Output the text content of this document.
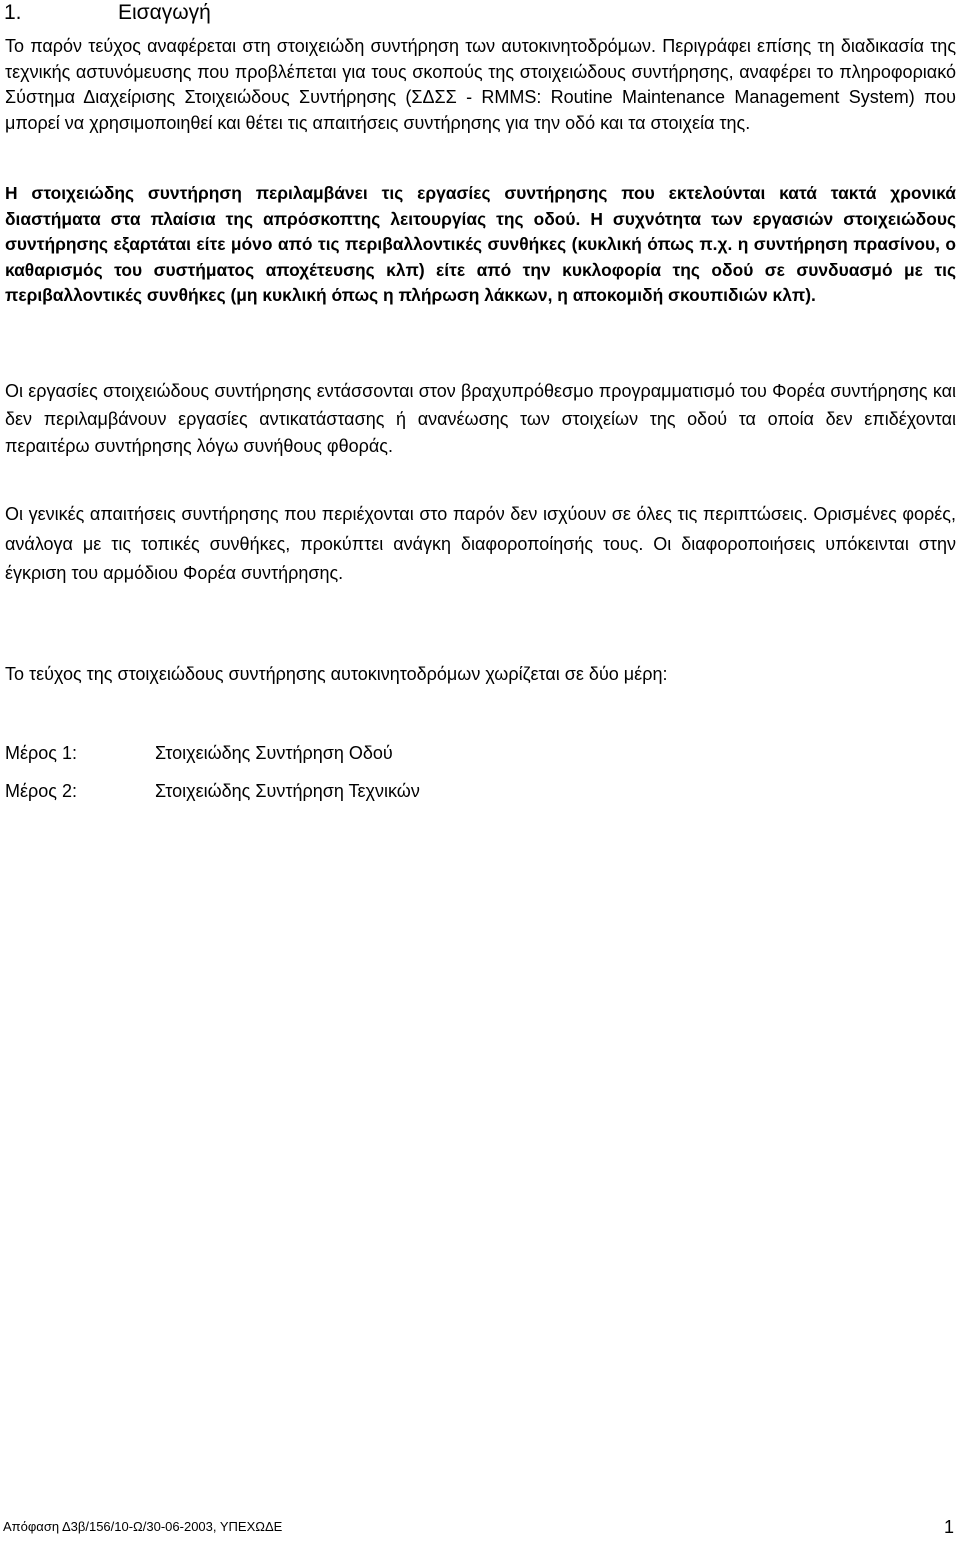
1.	Εισαγωγή

Το παρόν τεύχος αναφέρεται στη στοιχειώδη συντήρηση των αυτοκινητοδρόμων. Περιγράφει επίσης τη διαδικασία της τεχνικής αστυνόμευσης που προβλέπεται για τους σκοπούς της στοιχειώδους συντήρησης, αναφέρει το πληροφοριακό Σύστημα Διαχείρισης Στοιχειώδους Συντήρησης (ΣΔΣΣ - RMMS: Routine Maintenance Management System) που μπορεί να χρησιμοποιηθεί και θέτει τις απαιτήσεις συντήρησης για την οδό και τα στοιχεία της.

Η στοιχειώδης συντήρηση περιλαμβάνει τις εργασίες συντήρησης που εκτελούνται κατά τακτά χρονικά διαστήματα στα πλαίσια της απρόσκοπτης λειτουργίας της οδού. Η συχνότητα των εργασιών στοιχειώδους συντήρησης εξαρτάται είτε μόνο από τις περιβαλλοντικές συνθήκες (κυκλική όπως π.χ. η συντήρηση πρασίνου, ο καθαρισμός του συστήματος αποχέτευσης κλπ) είτε από την κυκλοφορία της οδού σε συνδυασμό με τις περιβαλλοντικές συνθήκες (μη κυκλική όπως η πλήρωση λάκκων, η αποκομιδή σκουπιδιών κλπ).

Οι εργασίες στοιχειώδους συντήρησης εντάσσονται στον βραχυπρόθεσμο προγραμματισμό του Φορέα συντήρησης και δεν περιλαμβάνουν εργασίες αντικατάστασης ή ανανέωσης των στοιχείων της οδού τα οποία δεν επιδέχονται περαιτέρω συντήρησης λόγω συνήθους φθοράς.

Οι γενικές απαιτήσεις συντήρησης που περιέχονται στο παρόν δεν ισχύουν σε όλες τις περιπτώσεις. Ορισμένες φορές, ανάλογα με τις τοπικές συνθήκες, προκύπτει ανάγκη διαφοροποίησής τους. Οι διαφοροποιήσεις υπόκεινται στην έγκριση του αρμόδιου Φορέα συντήρησης.

Το τεύχος της στοιχειώδους συντήρησης αυτοκινητοδρόμων χωρίζεται σε δύο μέρη:
Μέρος 1:	Στοιχειώδης Συντήρηση Οδού
Μέρος 2:	Στοιχειώδης Συντήρηση Τεχνικών
Απόφαση Δ3β/156/10-Ω/30-06-2003, ΥΠΕΧΩΔΕ	1
